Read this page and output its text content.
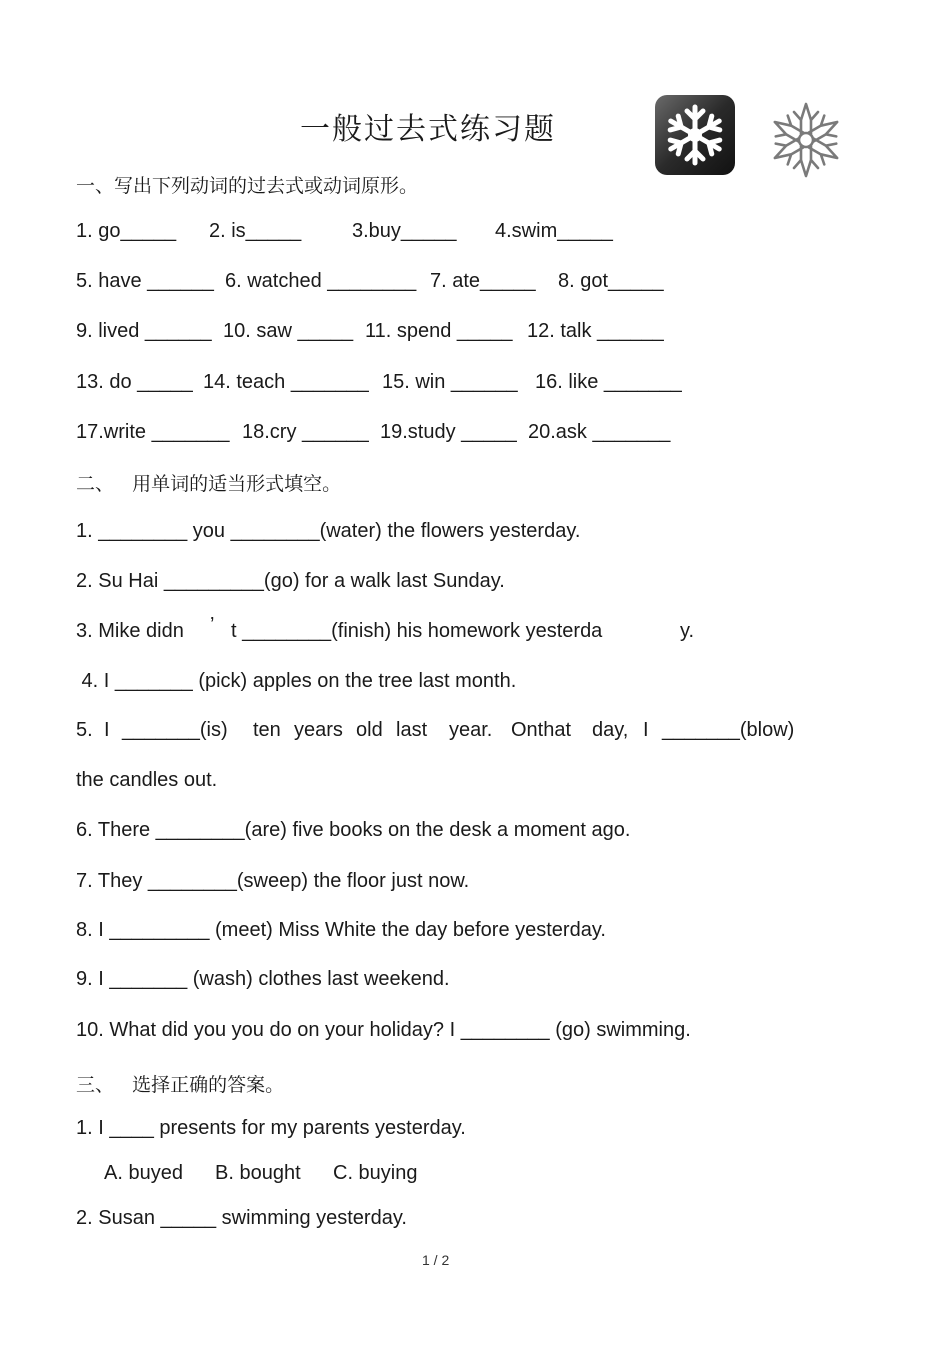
一般过去式练习题
一、写出下列动词的过去式或动词原形。
1. go_____ 2. is_____	3.buy_____ 4.swim_____
5. have ______ 6. watched ________ 7. ate_____ 8. got_____
9. lived ______ 10. saw _____ 11. spend _____ 12. talk ______
13. do _____ 14. teach _______ 15. win ______ 16. like _______
17.write _______ 18.cry ______ 19.study _____ 20.ask _______
二、   用单词的适当形式填空。
1. ________ you ________(water) the flowers yesterday.
2. Su Hai _________(go) for a walk last Sunday.
3. Mike didn ’ t ________(finish) his homework yesterda	y.
4. I _______ (pick) apples on the tree last month.
5. I _______(is) ten years old last year. Onthat day, I _______(blow)
the candles out.
6. There ________(are) five books on the desk a moment ago.
7. They ________(sweep) the floor just now.
8. I _________ (meet) Miss White the day before yesterday.
9. I _______ (wash) clothes last weekend.
10. What did you you do on your holiday? I ________ (go) swimming.
三、   选择正确的答案。
1. I ____ presents for my parents yesterday.
A. buyed B. bought C. buying
2. Susan _____ swimming yesterday.
1 / 2
